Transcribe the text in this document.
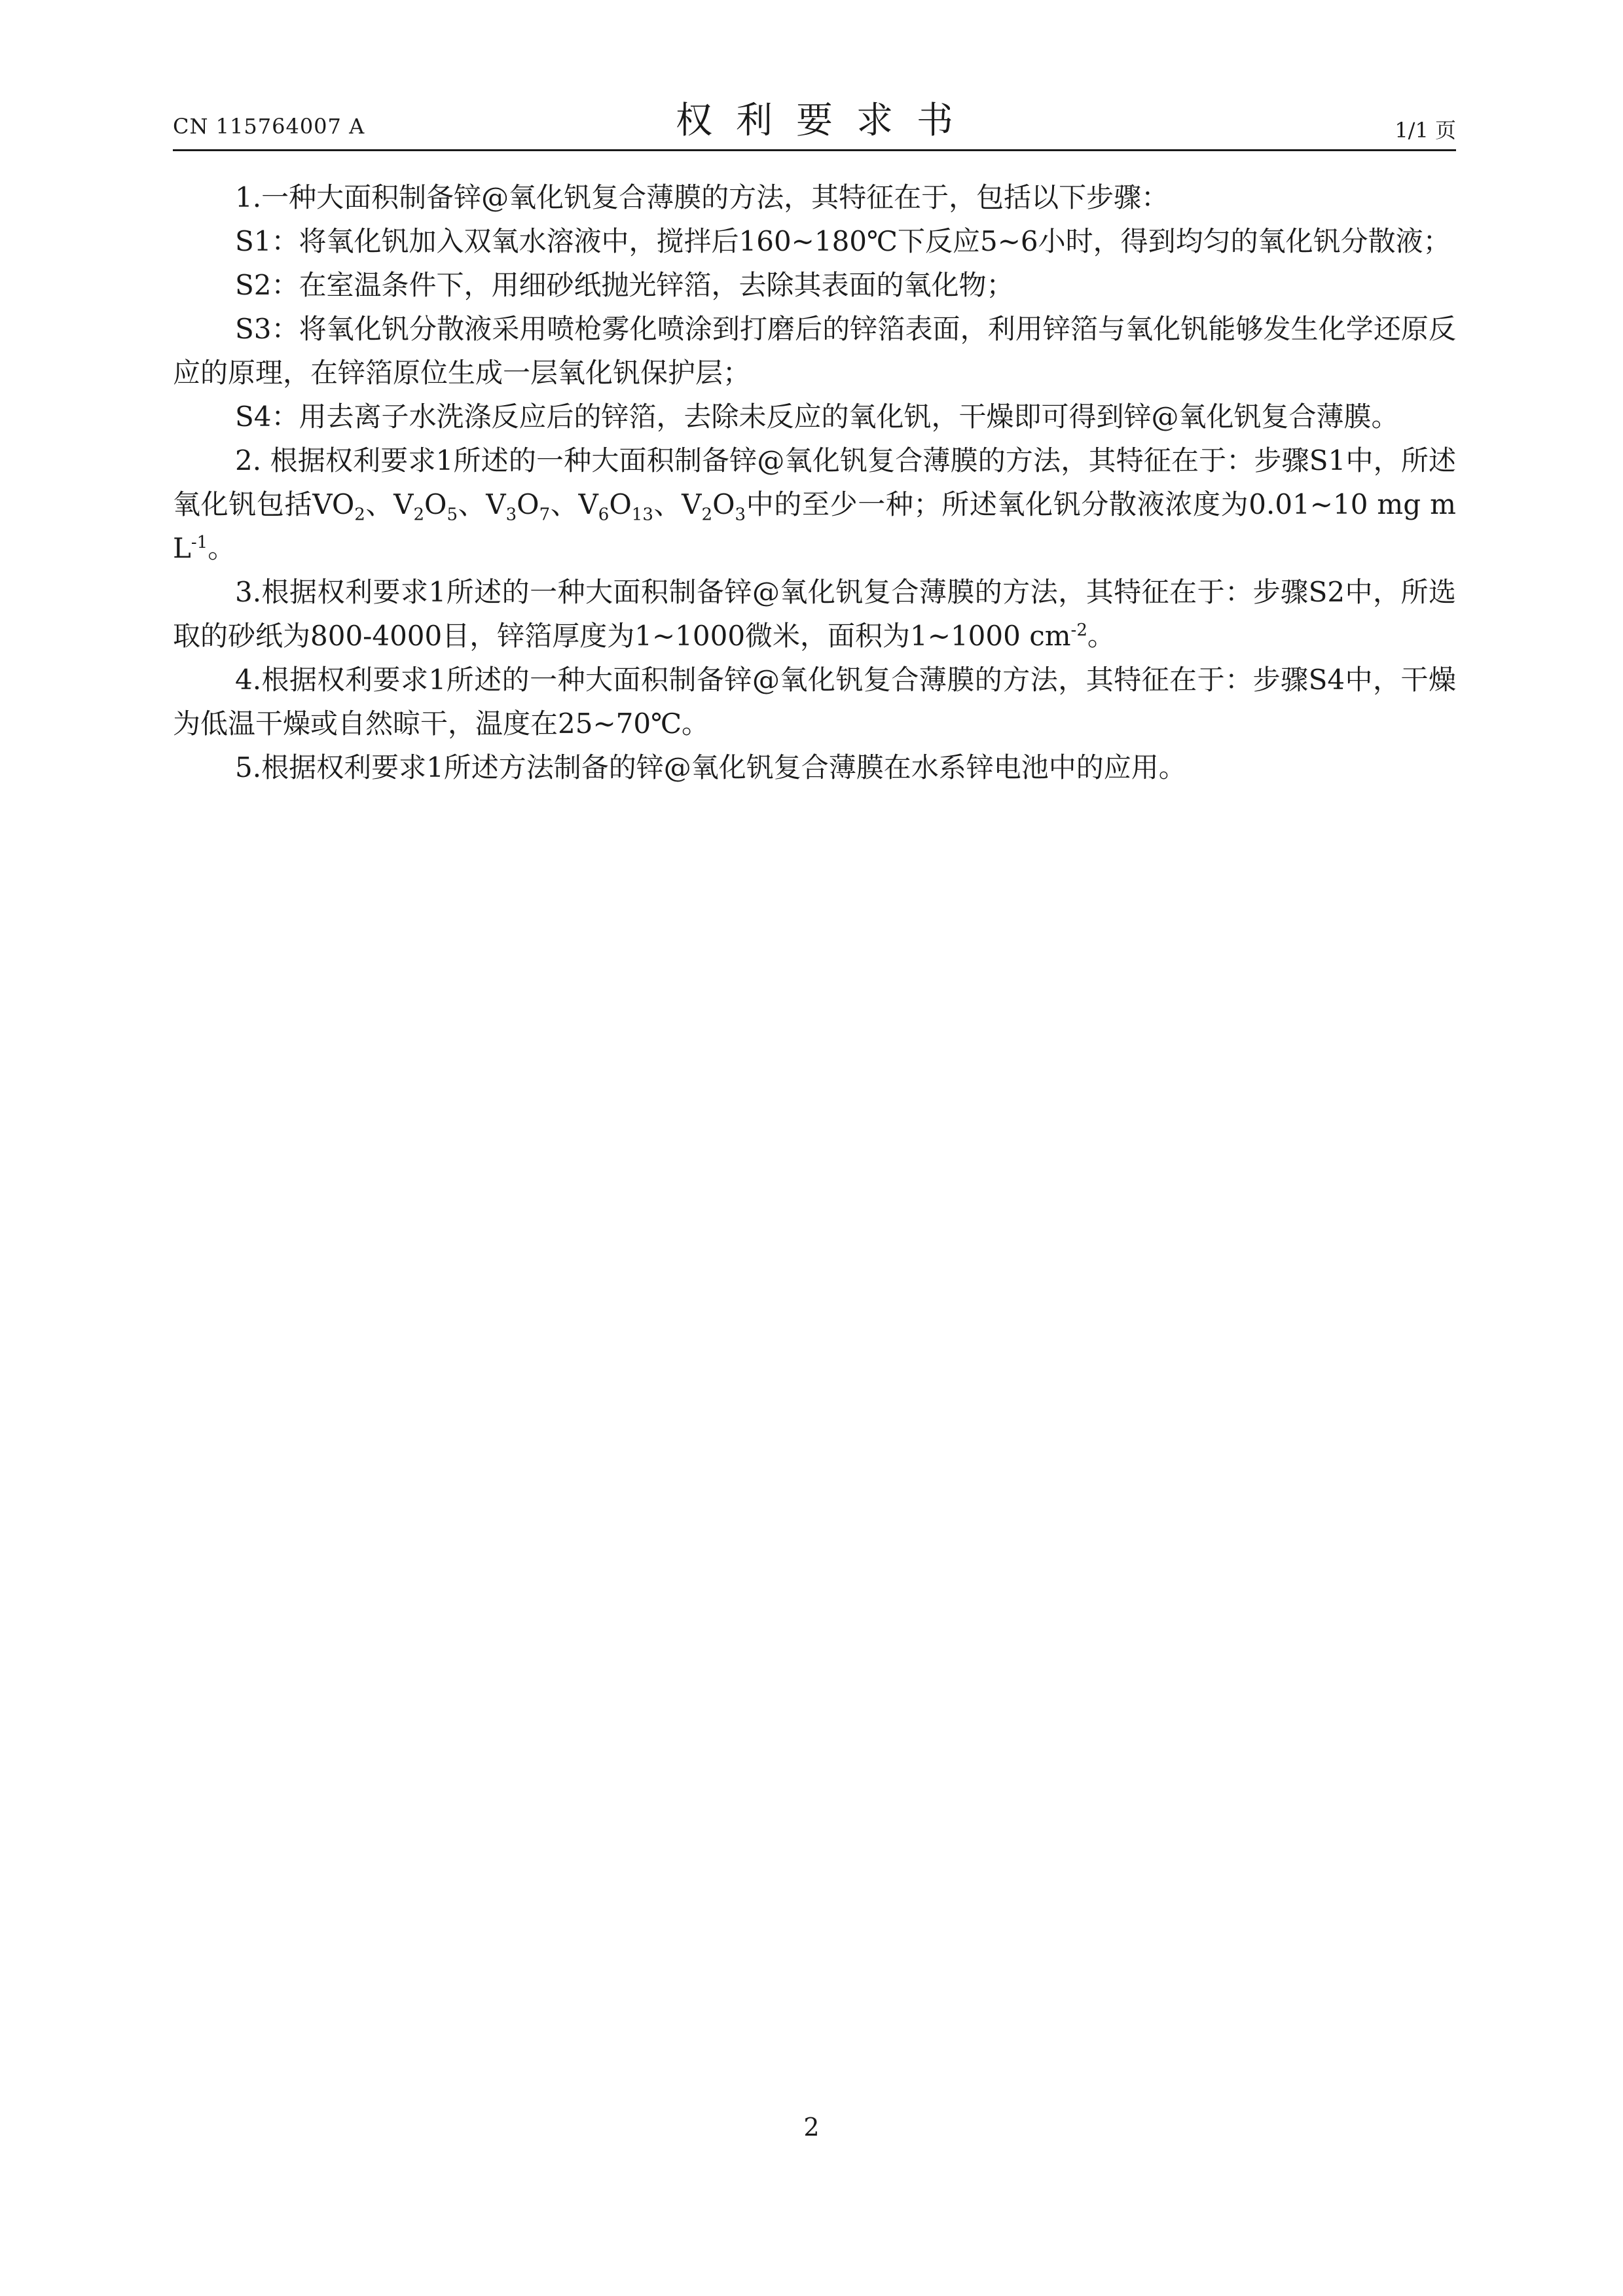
CN 115764007 A	权利要求书	1/1 页

1.一种大面积制备锌@氧化钒复合薄膜的方法，其特征在于，包括以下步骤：

S1：将氧化钒加入双氧水溶液中，搅拌后160~180℃下反应5~6小时，得到均匀的氧化钒分散液；

S2：在室温条件下，用细砂纸抛光锌箔，去除其表面的氧化物；

S3：将氧化钒分散液采用喷枪雾化喷涂到打磨后的锌箔表面，利用锌箔与氧化钒能够发生化学还原反应的原理，在锌箔原位生成一层氧化钒保护层；

S4：用去离子水洗涤反应后的锌箔，去除未反应的氧化钒，干燥即可得到锌@氧化钒复合薄膜。

2. 根据权利要求1所述的一种大面积制备锌@氧化钒复合薄膜的方法，其特征在于：步骤S1中，所述氧化钒包括$VO_2$、$V_2O_5$、$V_3O_7$、$V_6O_{13}$、$V_2O_3$中的至少一种；所述氧化钒分散液浓度为0.01~10 mg $mL^{-1}$。

3.根据权利要求1所述的一种大面积制备锌@氧化钒复合薄膜的方法，其特征在于：步骤S2中，所选取的砂纸为800-4000目，锌箔厚度为1~1000微米，面积为1~1000 $cm^{-2}$。

4.根据权利要求1所述的一种大面积制备锌@氧化钒复合薄膜的方法，其特征在于：步骤S4中，干燥为低温干燥或自然晾干，温度在25~70℃。

5.根据权利要求1所述方法制备的锌@氧化钒复合薄膜在水系锌电池中的应用。

2
